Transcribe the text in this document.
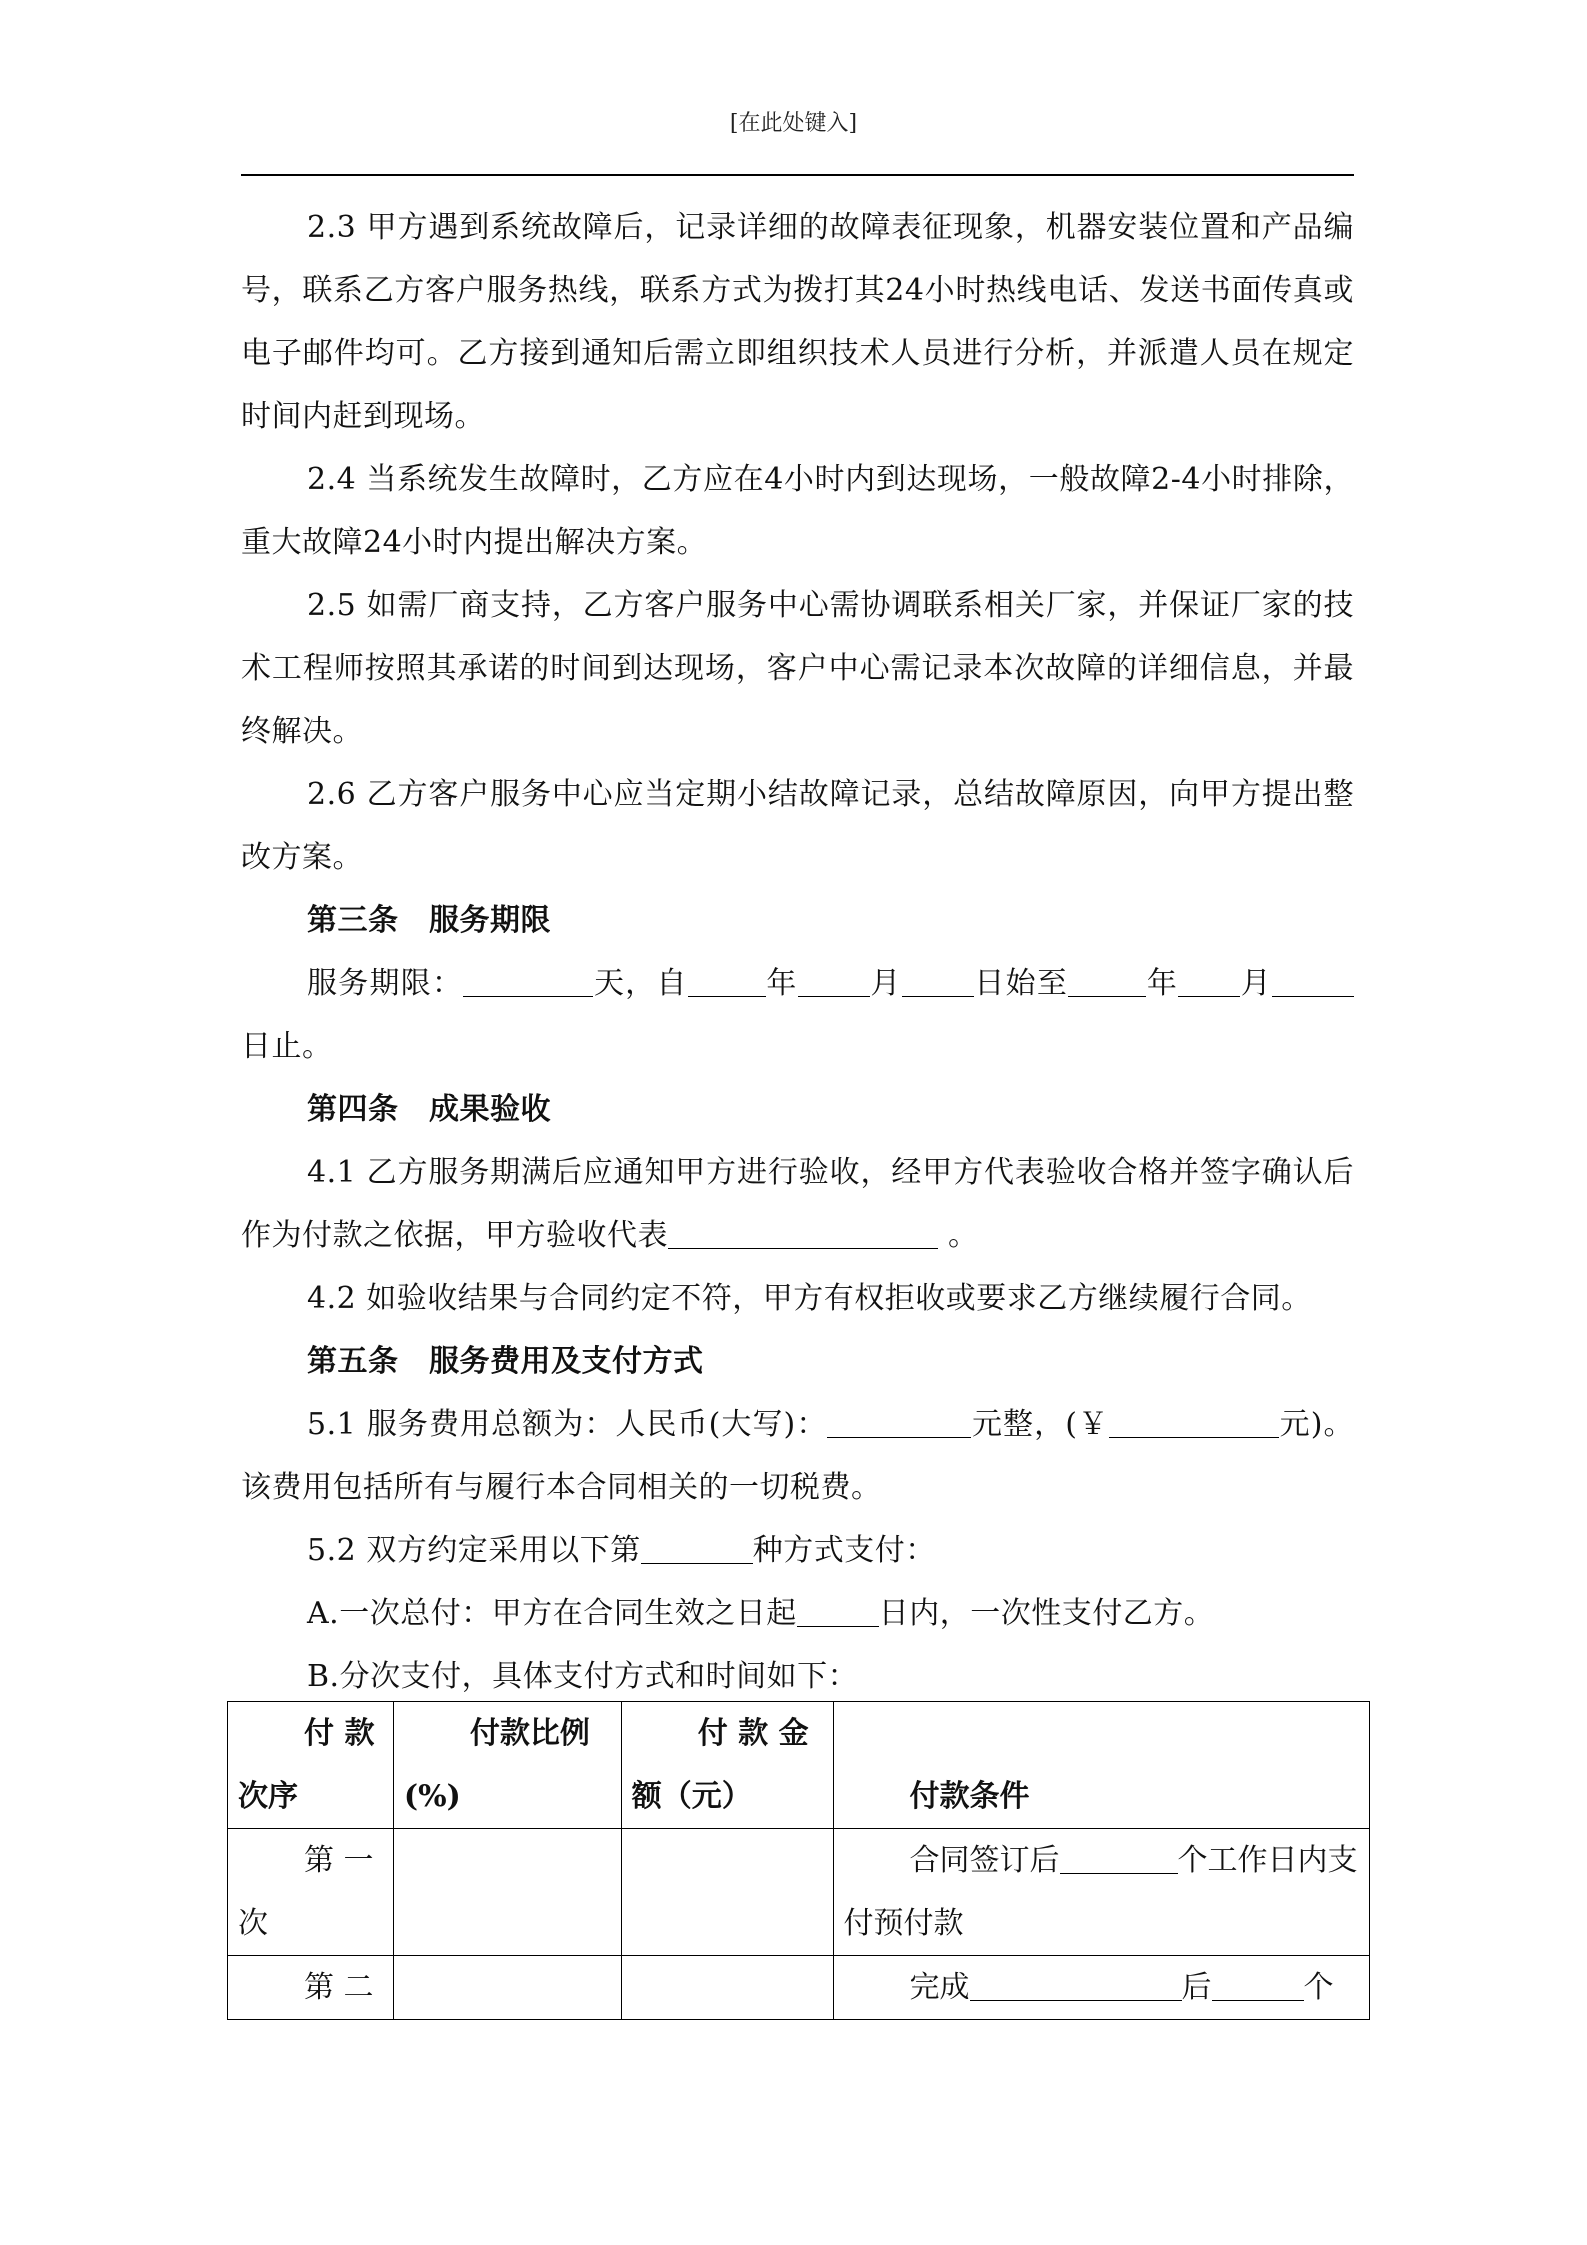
[在此处键入]

2.3 甲方遇到系统故障后，记录详细的故障表征现象，机器安装位置和产品编号，联系乙方客户服务热线，联系方式为拨打其24小时热线电话、发送书面传真或电子邮件均可。乙方接到通知后需立即组织技术人员进行分析，并派遣人员在规定时间内赶到现场。

2.4 当系统发生故障时，乙方应在4小时内到达现场，一般故障2-4小时排除，重大故障24小时内提出解决方案。

2.5 如需厂商支持，乙方客户服务中心需协调联系相关厂家，并保证厂家的技术工程师按照其承诺的时间到达现场，客户中心需记录本次故障的详细信息，并最终解决。

2.6 乙方客户服务中心应当定期小结故障记录，总结故障原因，向甲方提出整改方案。

第三条　服务期限

服务期限：	天，自	年 月 日始至	年 月日止。

第四条　成果验收

4.1 乙方服务期满后应通知甲方进行验收，经甲方代表验收合格并签字确认后作为付款之依据，甲方验收代表	。

4.2 如验收结果与合同约定不符，甲方有权拒收或要求乙方继续履行合同。

第五条　服务费用及支付方式

5.1 服务费用总额为：人民币(大写)：	元整，(￥	元)。该费用包括所有与履行本合同相关的一切税费。

5.2 双方约定采用以下第	种方式支付：

A.一次总付：甲方在合同生效之日起	日内，一次性支付乙方。

B.分次支付，具体支付方式和时间如下：

付 款 次序	付款比例 (%)	付 款 金 额（元）	付款条件

第 一 次			合同签订后 个工作日内支付预付款

第 二			完成 后 个
